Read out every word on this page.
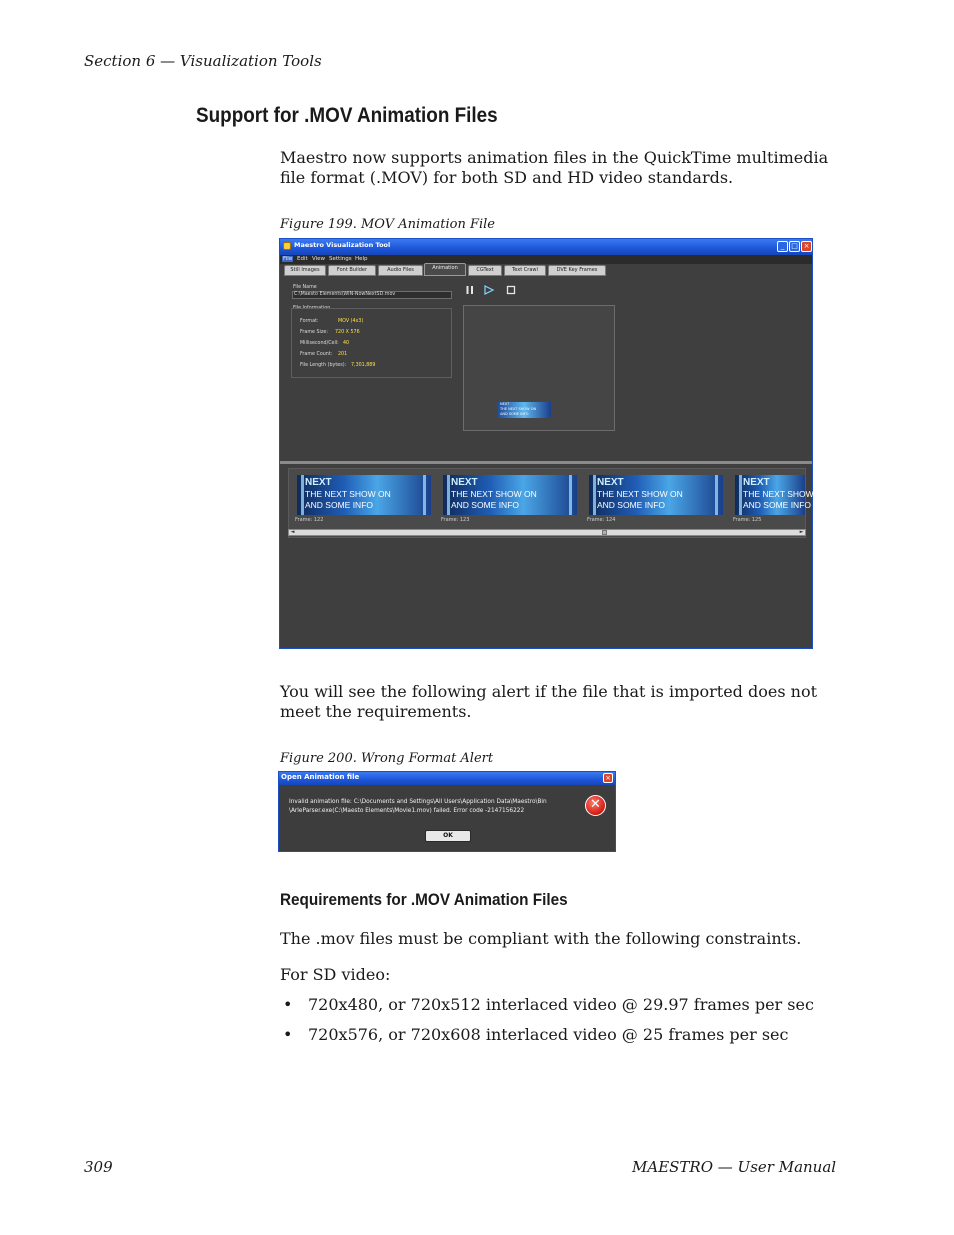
Section 6 — Visualization Tools
Support for .MOV Animation Files
Maestro now supports animation files in the QuickTime multimedia file format (.MOV) for both SD and HD video standards.
Figure 199. MOV Animation File
Maestro Visualization Tool	_ □ ×
File Edit View Settings Help
Still Images	Font Builder	Audio Files	Animation	CGText	Text Crawl	DVE Key Frames
File Name
C:\Maesto Elements\WIN-NowNextSD.mov
File Information
Format:	MOV (4x3)
Frame Size: 720 X 576
Millisecond/Cell: 40
Frame Count: 201
File Length (bytes): 7,301,889
NEXT
THE NEXT SHOW ON
AND SOME INFO
NEXT
THE NEXT SHOW ON
AND SOME INFO
Frame: 122
NEXT
THE NEXT SHOW ON
AND SOME INFO
Frame: 123
NEXT
THE NEXT SHOW ON
AND SOME INFO
Frame: 124
NEXT
THE NEXT SHOW
AND SOME INFO
Frame: 125
◄	►
You will see the following alert if the file that is imported does not meet the requirements.
Figure 200. Wrong Format Alert
Open Animation file	×
Invalid animation file: C:\Documents and Settings\All Users\Application Data\Maestro\Bin \ArleParser.exe(C:\Maesto Elements\Movie1.mov) failed. Error code -2147156222	✕
OK
Requirements for .MOV Animation Files
The .mov files must be compliant with the following constraints.
For SD video:
• 720x480, or 720x512 interlaced video @ 29.97 frames per sec
• 720x576, or 720x608 interlaced video @ 25 frames per sec
309	MAESTRO — User Manual
